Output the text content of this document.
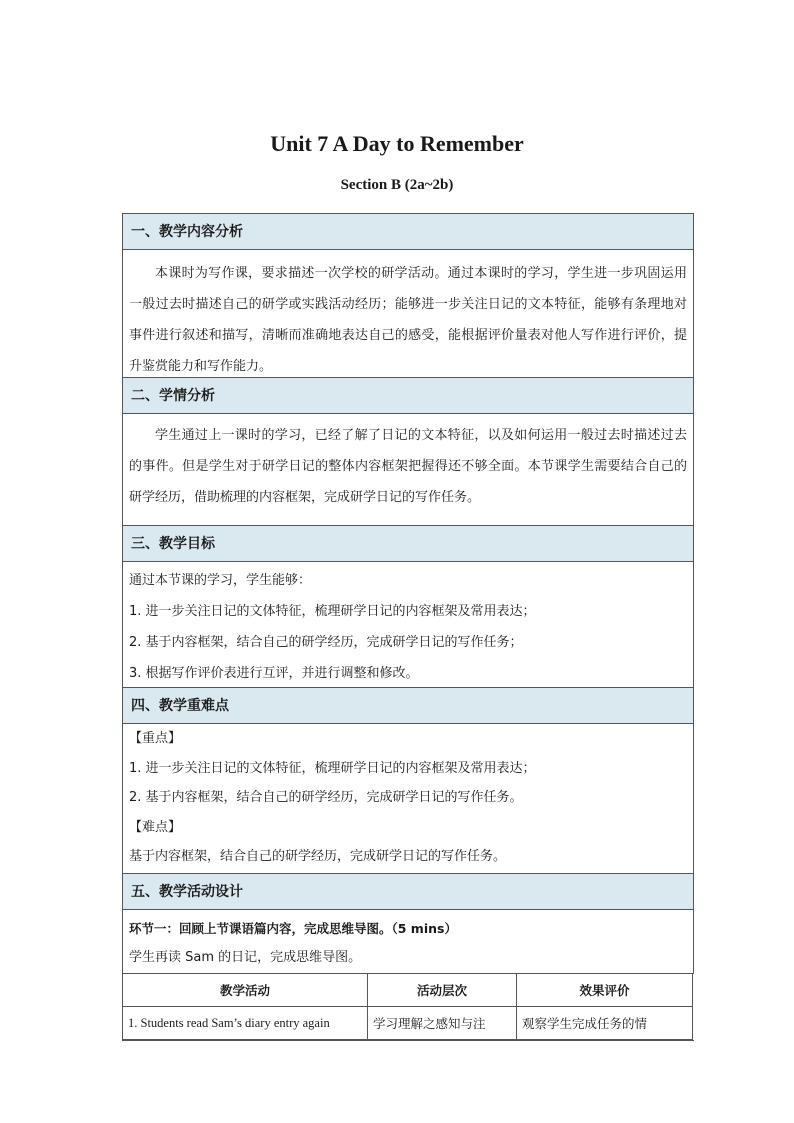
Unit 7 A Day to Remember
Section B (2a~2b)
一、教学内容分析
本课时为写作课，要求描述一次学校的研学活动。通过本课时的学习，学生进一步巩固运用一般过去时描述自己的研学或实践活动经历；能够进一步关注日记的文本特征，能够有条理地对事件进行叙述和描写，清晰而准确地表达自己的感受，能根据评价量表对他人写作进行评价，提升鉴赏能力和写作能力。
二、学情分析
学生通过上一课时的学习，已经了解了日记的文本特征，以及如何运用一般过去时描述过去的事件。但是学生对于研学日记的整体内容框架把握得还不够全面。本节课学生需要结合自己的研学经历，借助梳理的内容框架，完成研学日记的写作任务。
三、教学目标
通过本节课的学习，学生能够：
1. 进一步关注日记的文体特征，梳理研学日记的内容框架及常用表达；
2. 基于内容框架，结合自己的研学经历，完成研学日记的写作任务；
3. 根据写作评价表进行互评，并进行调整和修改。
四、教学重难点
【重点】
1. 进一步关注日记的文体特征，梳理研学日记的内容框架及常用表达；
2. 基于内容框架，结合自己的研学经历，完成研学日记的写作任务。
【难点】
基于内容框架，结合自己的研学经历，完成研学日记的写作任务。
五、教学活动设计
环节一：回顾上节课语篇内容，完成思维导图。（5 mins）
学生再读 Sam 的日记，完成思维导图。
教学活动	活动层次	效果评价
1. Students read Sam’s diary entry again	学习理解之感知与注	观察学生完成任务的情
